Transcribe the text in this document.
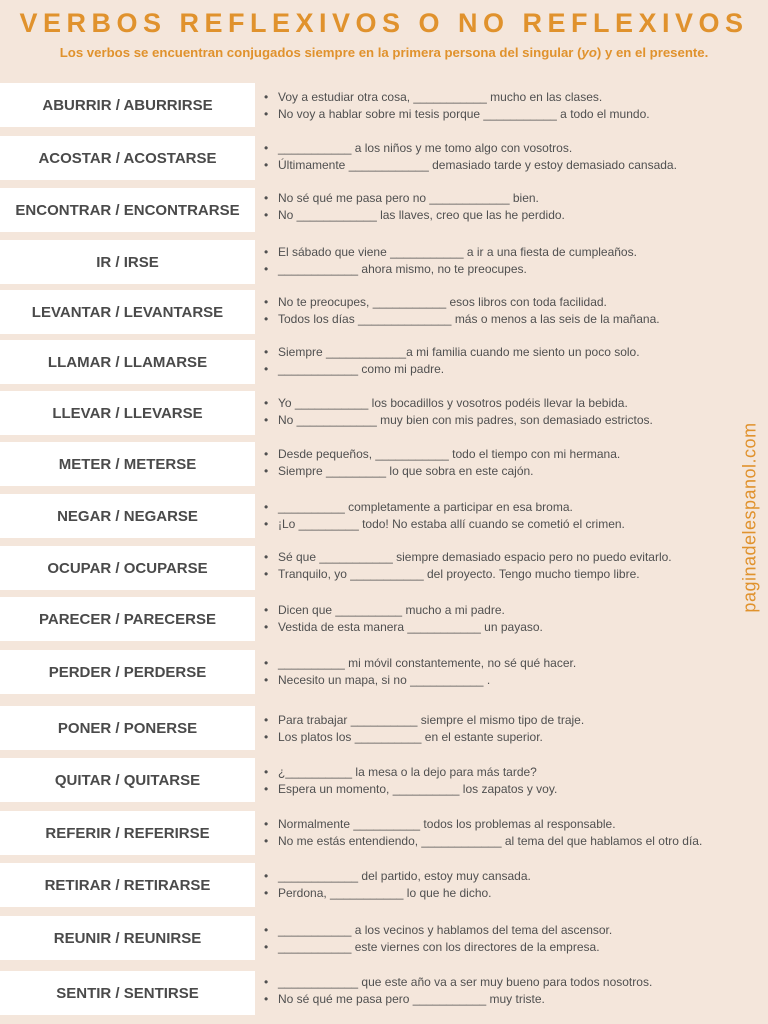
VERBOS REFLEXIVOS O NO REFLEXIVOS
Los verbos se encuentran conjugados siempre en la primera persona del singular (yo) y en el presente.
ABURRIR / ABURRIRSE	• Voy a estudiar otra cosa, ___________ mucho en las clases.
• No voy a hablar sobre mi tesis porque ___________ a todo el mundo.
ACOSTAR / ACOSTARSE
• ___________ a los niños y me tomo algo con vosotros.
• Últimamente ____________ demasiado tarde y estoy demasiado cansada.
ENCONTRAR / ENCONTRARSE
• No sé qué me pasa pero no ____________ bien.
• No ____________ las llaves, creo que las he perdido.
IR / IRSE
• El sábado que viene ___________ a ir a una fiesta de cumpleaños.
• ____________ ahora mismo, no te preocupes.
LEVANTAR / LEVANTARSE
• No te preocupes, ___________ esos libros con toda facilidad.
• Todos los días ______________ más o menos a las seis de la mañana.
LLAMAR / LLAMARSE
• Siempre ____________a mi familia cuando me siento un poco solo.
• ____________ como mi padre.
LLEVAR / LLEVARSE
• Yo ___________ los bocadillos y vosotros podéis llevar la bebida.
• No ____________ muy bien con mis padres, son demasiado estrictos.
METER / METERSE
• Desde pequeños, ___________ todo el tiempo con mi hermana.
• Siempre _________ lo que sobra en este cajón.
NEGAR / NEGARSE
• __________ completamente a participar en esa broma.
• ¡Lo _________ todo! No estaba allí cuando se cometió el crimen.
OCUPAR / OCUPARSE
• Sé que ___________ siempre demasiado espacio pero no puedo evitarlo.
• Tranquilo, yo ___________ del proyecto. Tengo mucho tiempo libre.
PARECER / PARECERSE
• Dicen que __________ mucho a mi padre.
• Vestida de esta manera ___________ un payaso.
PERDER / PERDERSE
• __________ mi móvil constantemente, no sé qué hacer.
• Necesito un mapa, si no ___________ .
PONER / PONERSE	• Para trabajar __________ siempre el mismo tipo de traje.
• Los platos los __________ en el estante superior.
QUITAR / QUITARSE	• ¿__________ la mesa o la dejo para más tarde?
• Espera un momento, __________ los zapatos y voy.
REFERIR / REFERIRSE
• Normalmente __________ todos los problemas al responsable.
• No me estás entendiendo, ____________ al tema del que hablamos el otro día.
RETIRAR / RETIRARSE
• ____________ del partido, estoy muy cansada.
• Perdona, ___________ lo que he dicho.
REUNIR / REUNIRSE	• ___________ a los vecinos y hablamos del tema del ascensor.
• ___________ este viernes con los directores de la empresa.
SENTIR / SENTIRSE
• ____________ que este año va a ser muy bueno para todos nosotros.
• No sé qué me pasa pero ___________ muy triste.
paginadelespanol.com
